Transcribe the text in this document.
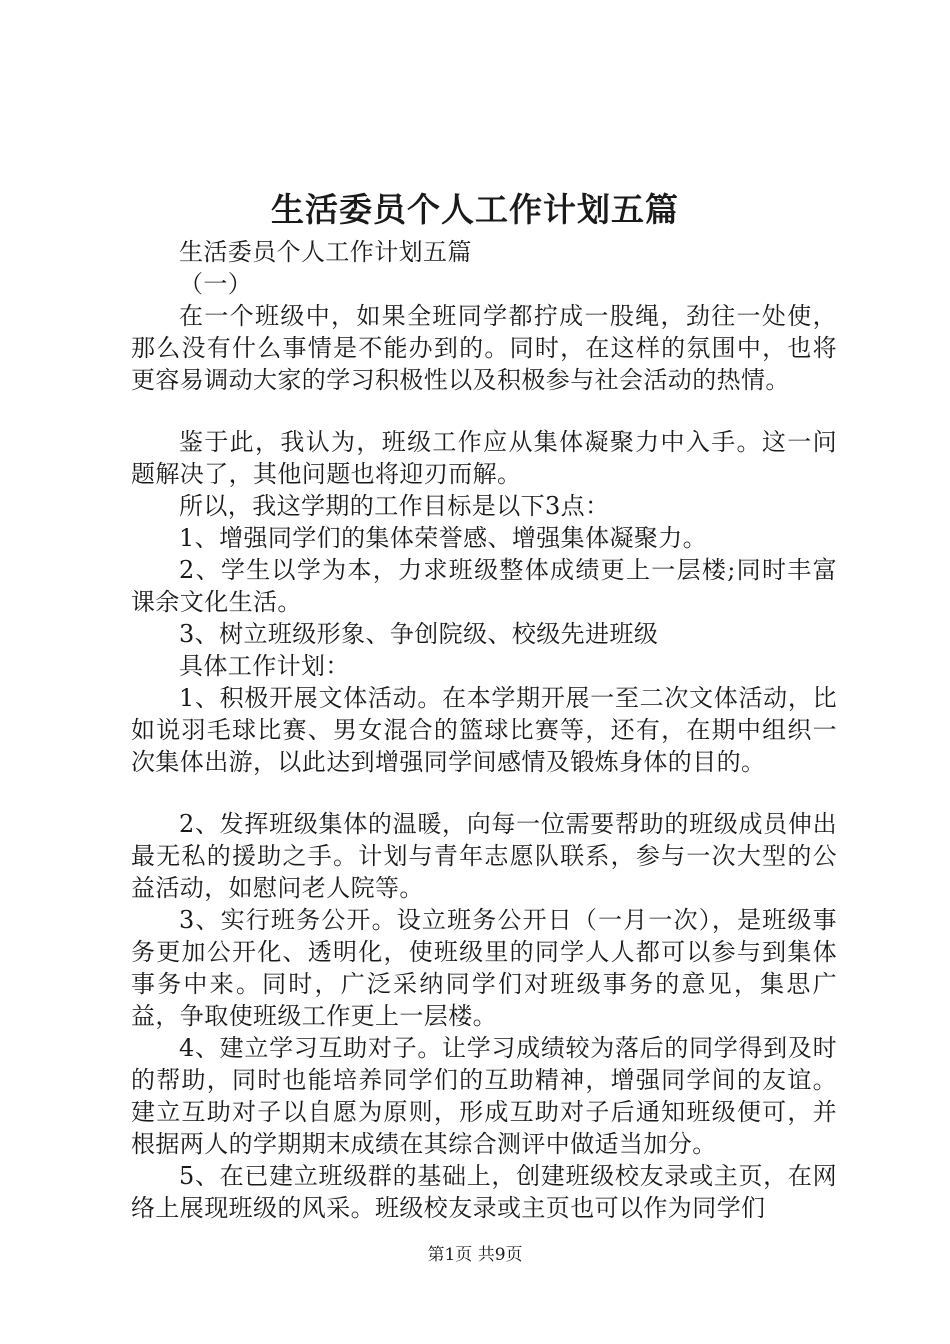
生活委员个人工作计划五篇

生活委员个人工作计划五篇

（一）

在一个班级中，如果全班同学都拧成一股绳，劲往一处使，那么没有什么事情是不能办到的。同时，在这样的氛围中，也将更容易调动大家的学习积极性以及积极参与社会活动的热情。

鉴于此，我认为，班级工作应从集体凝聚力中入手。这一问题解决了，其他问题也将迎刃而解。

所以，我这学期的工作目标是以下3点：

1、增强同学们的集体荣誉感、增强集体凝聚力。

2、学生以学为本，力求班级整体成绩更上一层楼;同时丰富课余文化生活。

3、树立班级形象、争创院级、校级先进班级

具体工作计划：

1、积极开展文体活动。在本学期开展一至二次文体活动，比如说羽毛球比赛、男女混合的篮球比赛等，还有，在期中组织一次集体出游，以此达到增强同学间感情及锻炼身体的目的。

2、发挥班级集体的温暖，向每一位需要帮助的班级成员伸出最无私的援助之手。计划与青年志愿队联系，参与一次大型的公益活动，如慰问老人院等。

3、实行班务公开。设立班务公开日（一月一次），是班级事务更加公开化、透明化，使班级里的同学人人都可以参与到集体事务中来。同时，广泛采纳同学们对班级事务的意见，集思广益，争取使班级工作更上一层楼。

4、建立学习互助对子。让学习成绩较为落后的同学得到及时的帮助，同时也能培养同学们的互助精神，增强同学间的友谊。建立互助对子以自愿为原则，形成互助对子后通知班级便可，并根据两人的学期期末成绩在其综合测评中做适当加分。

5、在已建立班级群的基础上，创建班级校友录或主页，在网络上展现班级的风采。班级校友录或主页也可以作为同学们

第1页 共9页
